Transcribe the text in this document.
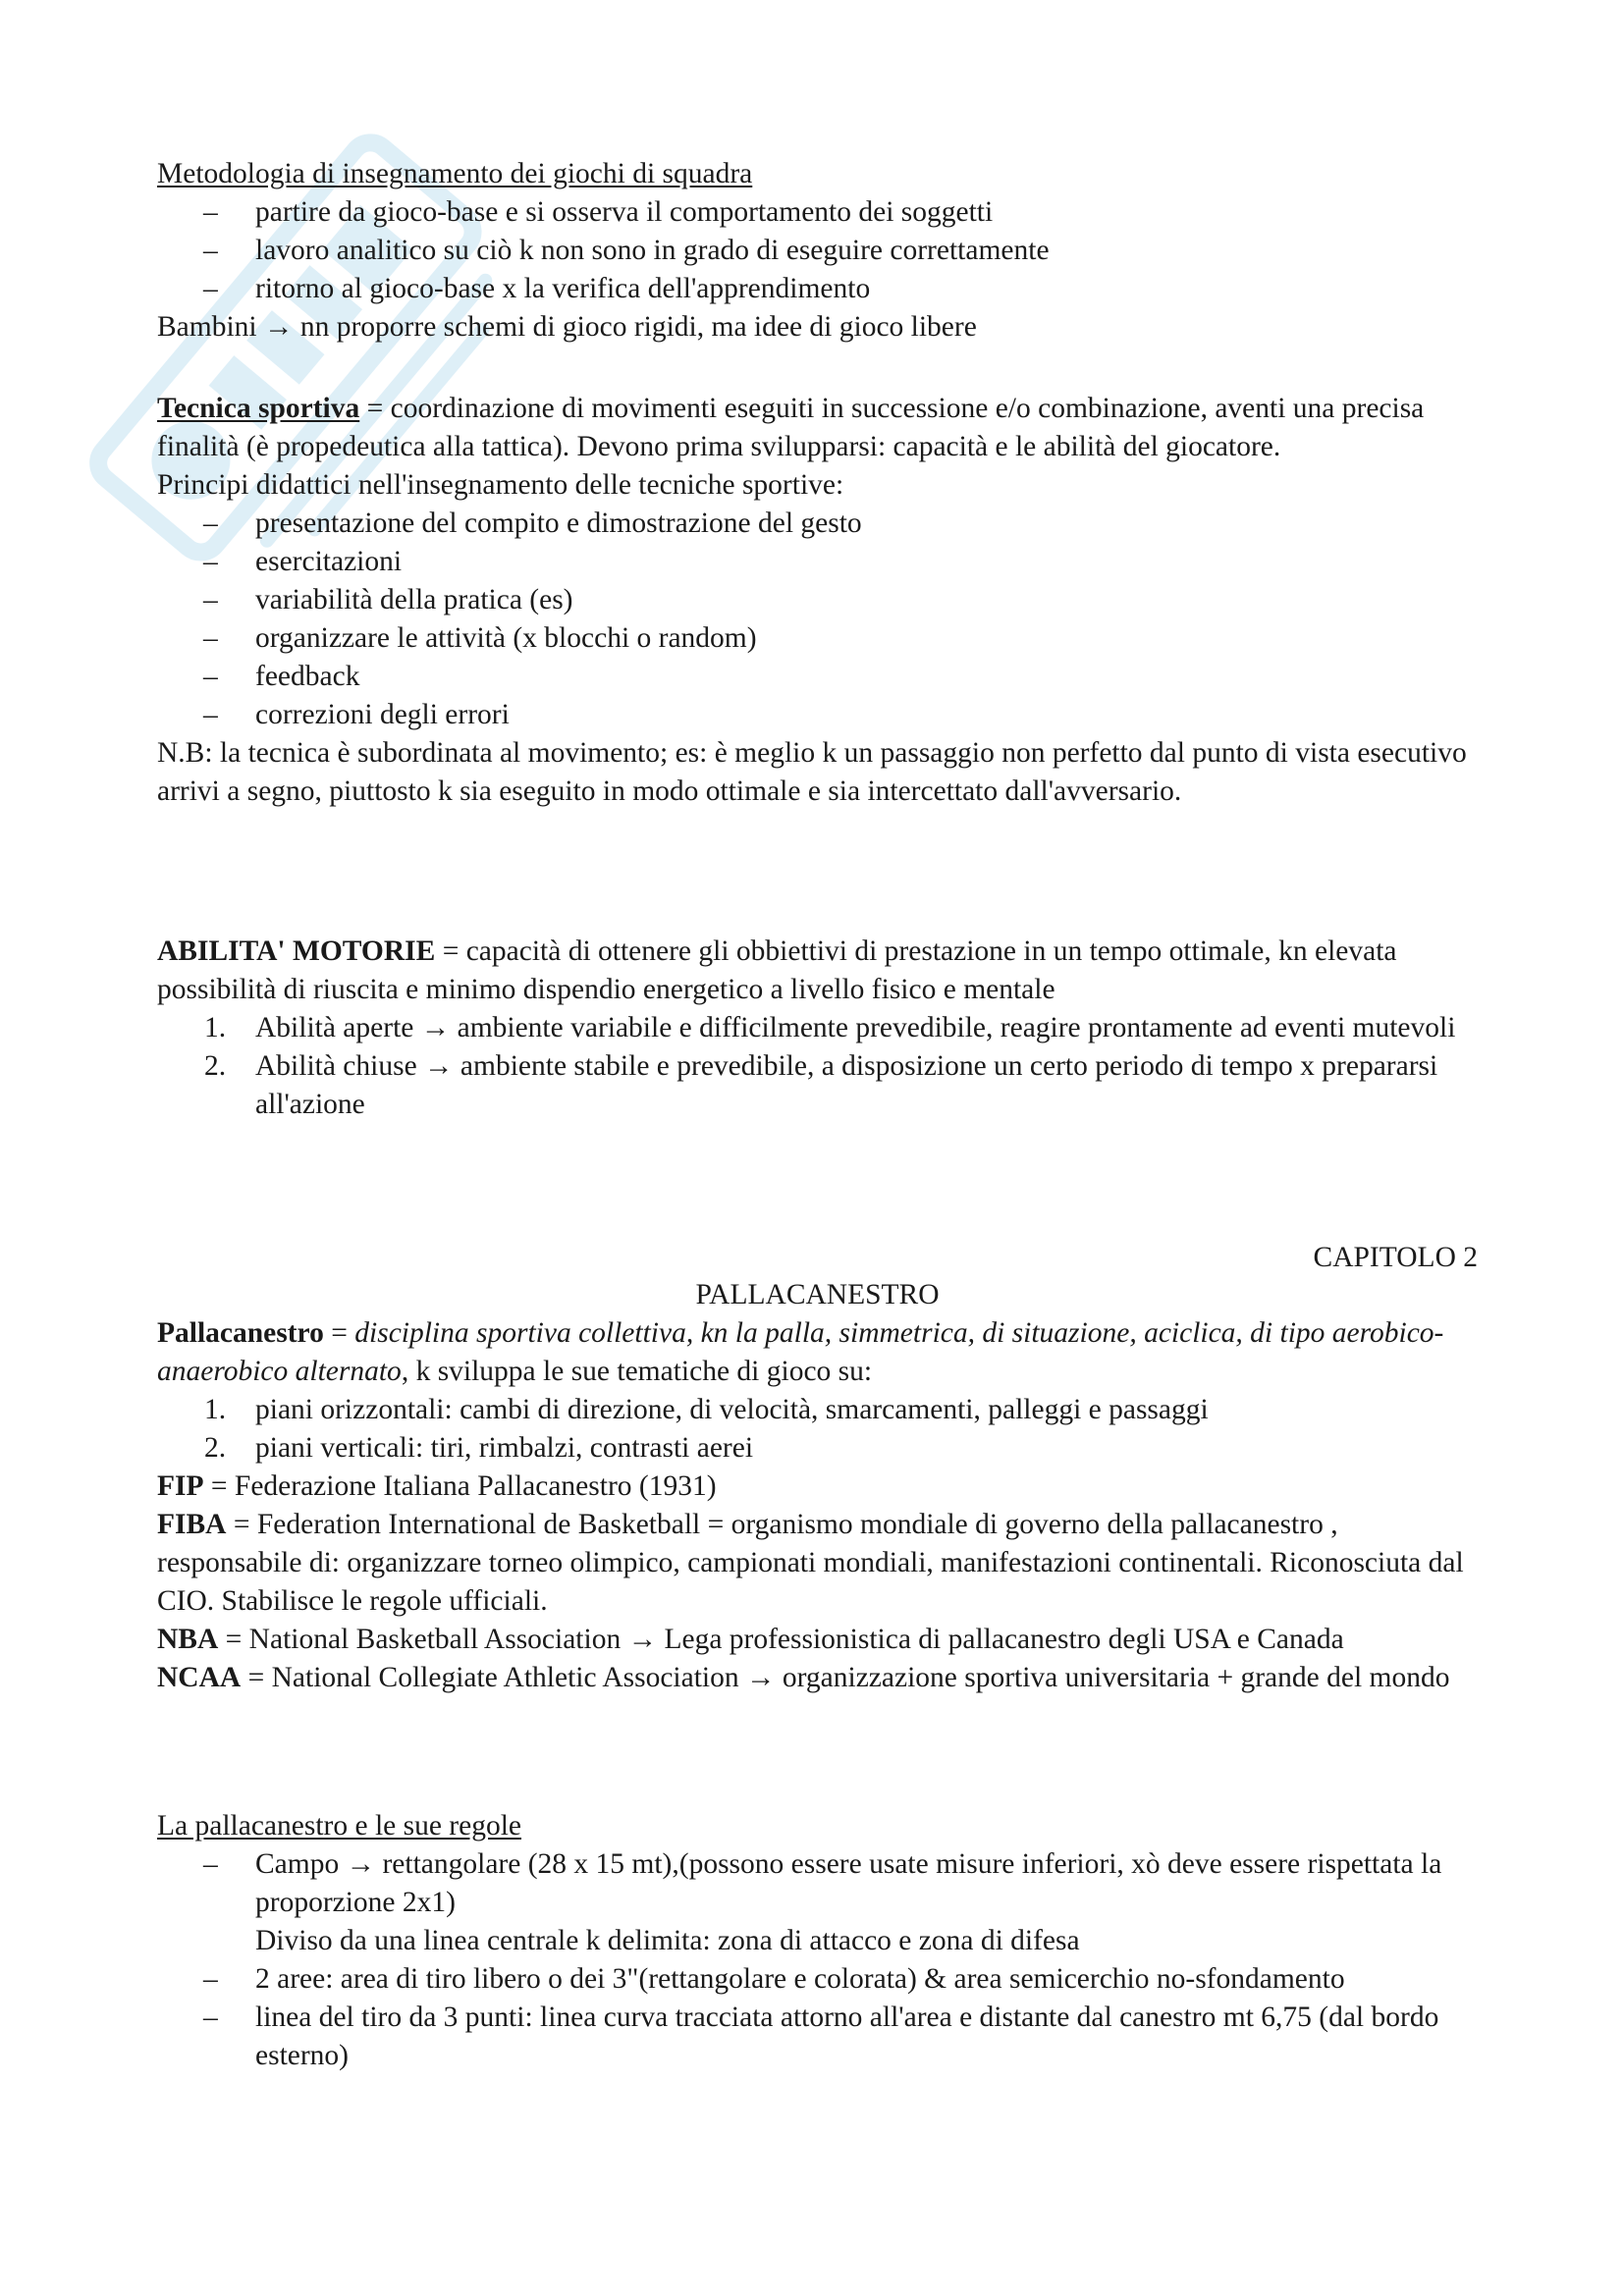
Metodologia di insegnamento dei giochi di squadra
– partire da gioco-base e si osserva il comportamento dei soggetti
– lavoro analitico su ciò k non sono in grado di eseguire correttamente
– ritorno al gioco-base x la verifica dell'apprendimento
Bambini → nn proporre schemi di gioco rigidi, ma idee di gioco libere
Tecnica sportiva = coordinazione di movimenti eseguiti in successione e/o combinazione, aventi una precisa finalità (è propedeutica alla tattica). Devono prima svilupparsi: capacità e le abilità del giocatore.
Principi didattici nell'insegnamento delle tecniche sportive:
– presentazione del compito e dimostrazione del gesto
– esercitazioni
– variabilità della pratica (es)
– organizzare le attività (x blocchi o random)
– feedback
– correzioni degli errori
N.B: la tecnica è subordinata al movimento; es: è meglio k un passaggio non perfetto dal punto di vista esecutivo arrivi a segno, piuttosto k sia eseguito in modo ottimale e sia intercettato dall'avversario.
ABILITA' MOTORIE = capacità di ottenere gli obbiettivi di prestazione in un tempo ottimale, kn elevata possibilità di riuscita e minimo dispendio energetico a livello fisico e mentale
1. Abilità aperte → ambiente variabile e difficilmente prevedibile, reagire prontamente ad eventi mutevoli
2. Abilità chiuse → ambiente stabile e prevedibile, a disposizione un certo periodo di tempo x prepararsi all'azione
CAPITOLO 2
PALLACANESTRO
Pallacanestro = disciplina sportiva collettiva, kn la palla, simmetrica, di situazione, aciclica, di tipo aerobico-anaerobico alternato, k sviluppa le sue tematiche di gioco su:
1. piani orizzontali: cambi di direzione, di velocità, smarcamenti, palleggi e passaggi
2. piani verticali: tiri, rimbalzi, contrasti aerei
FIP = Federazione Italiana Pallacanestro (1931)
FIBA = Federation International de Basketball = organismo mondiale di governo della pallacanestro , responsabile di: organizzare torneo olimpico, campionati mondiali, manifestazioni continentali. Riconosciuta dal CIO. Stabilisce le regole ufficiali.
NBA = National Basketball Association → Lega professionistica di pallacanestro degli USA e Canada
NCAA = National Collegiate Athletic Association → organizzazione sportiva universitaria + grande del mondo
La pallacanestro e le sue regole
– Campo → rettangolare (28 x 15 mt),(possono essere usate misure inferiori, xò deve essere rispettata la proporzione 2x1)
Diviso da una linea centrale k delimita: zona di attacco e zona di difesa
– 2 aree: area di tiro libero o dei 3"(rettangolare e colorata) & area semicerchio no-sfondamento
– linea del tiro da 3 punti: linea curva tracciata attorno all'area e distante dal canestro mt 6,75 (dal bordo esterno)
